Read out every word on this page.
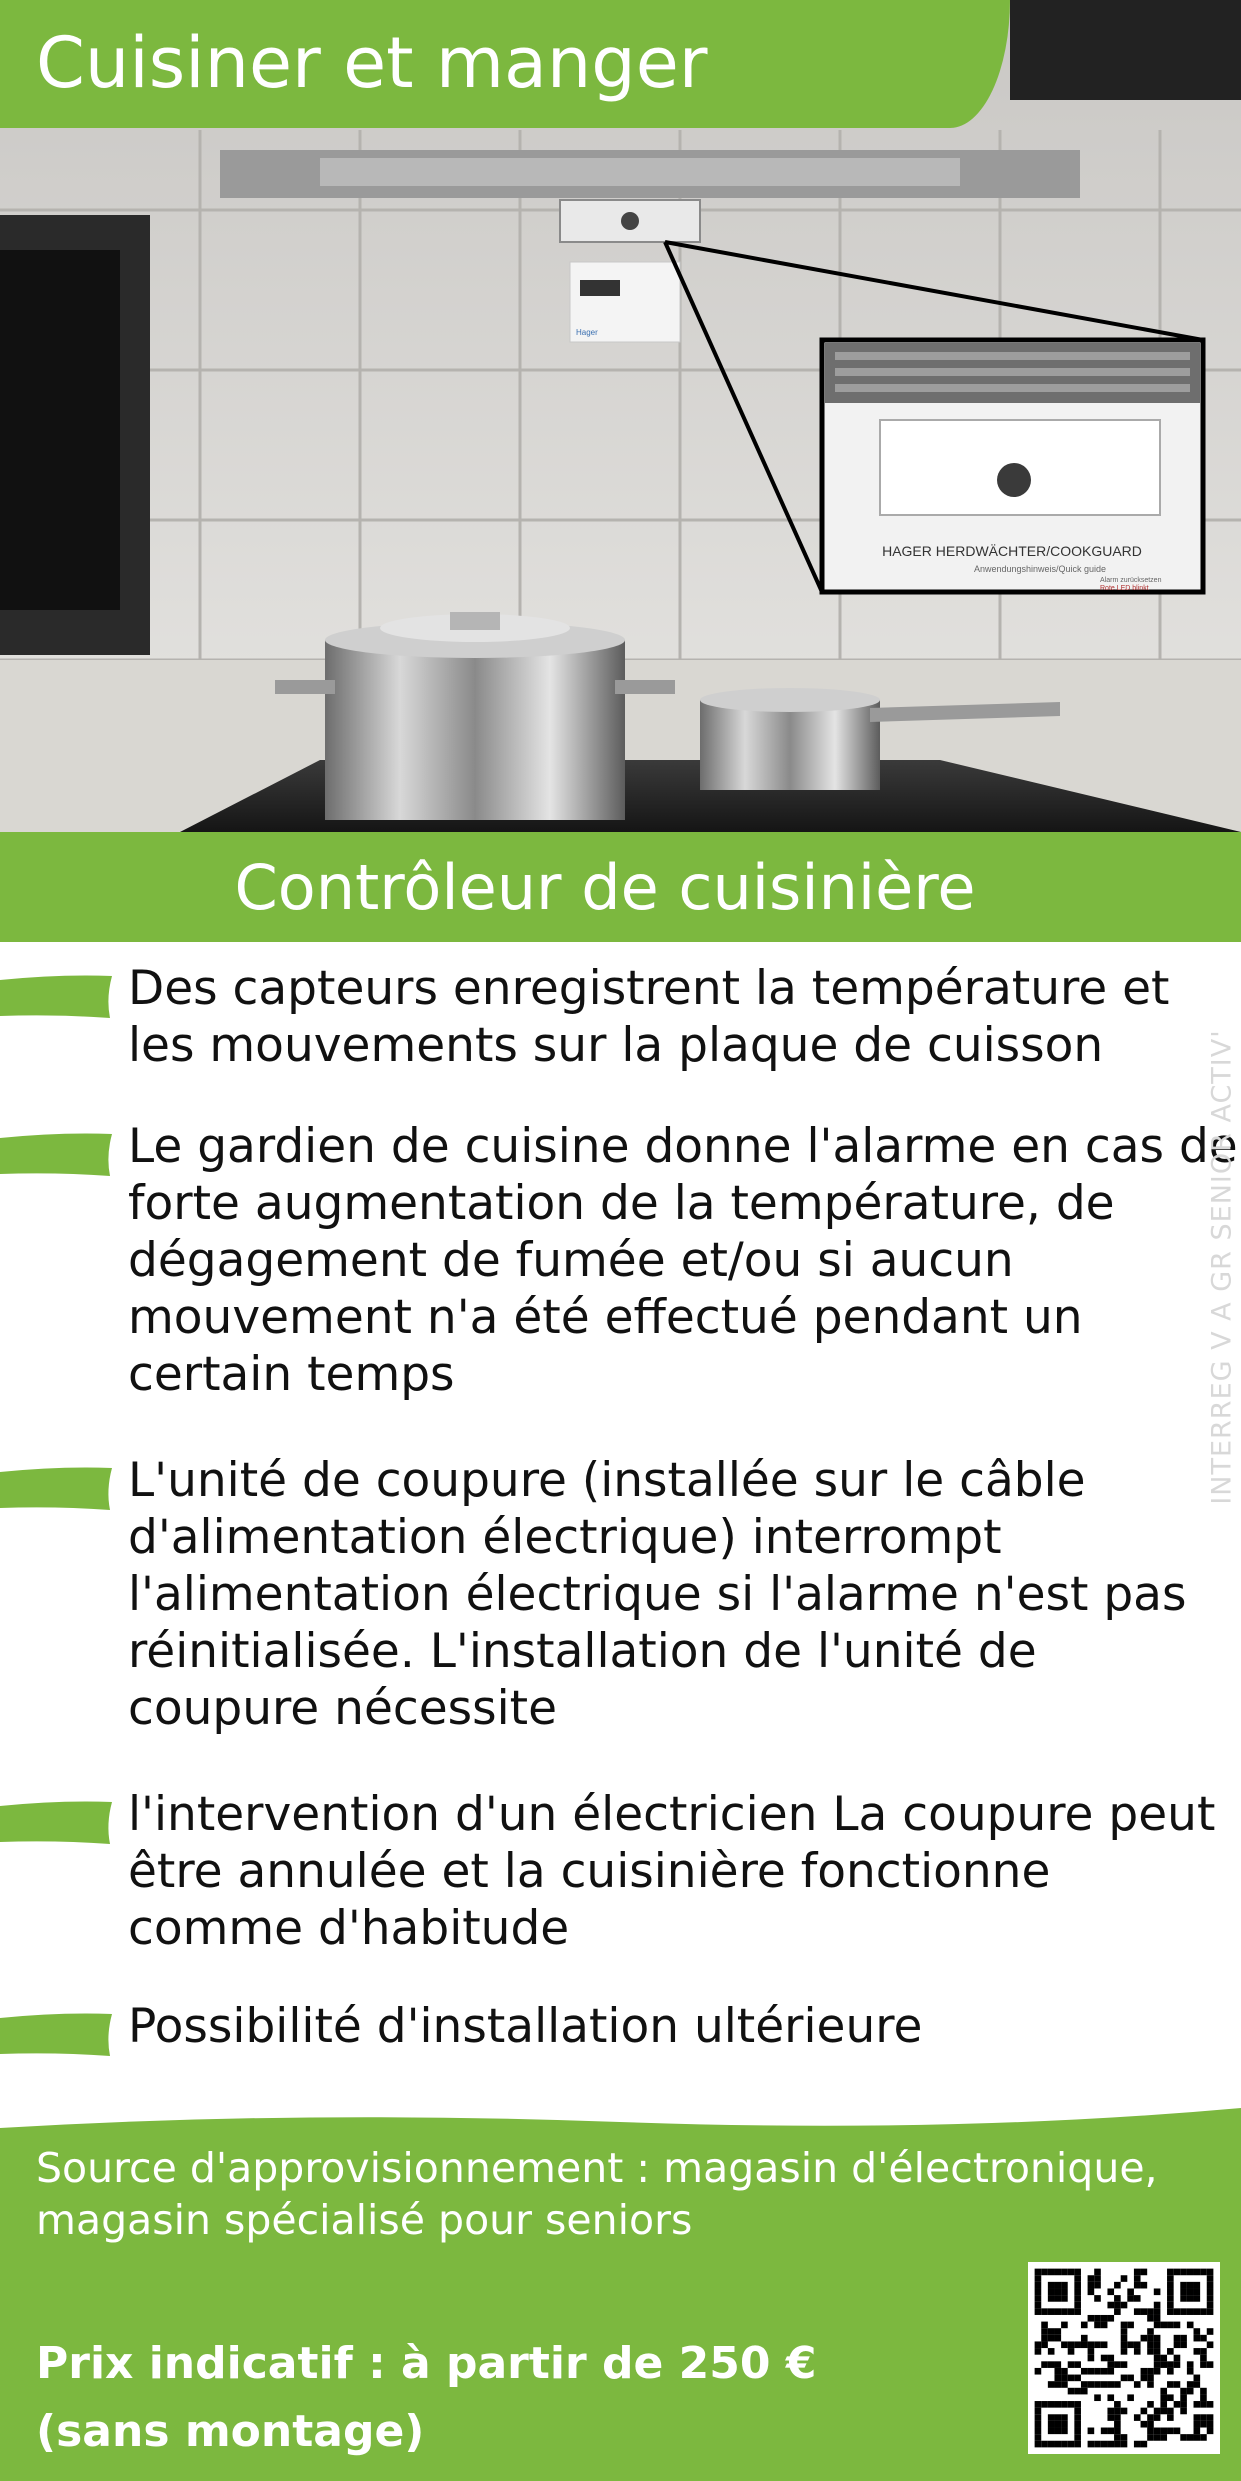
HAGER HERDWÄCHTER/COOKGUARD
Anwendungshinweis/Quick guide
Alarm zurücksetzen
Rote LED blinkt
Hager
Cuisiner et manger
Contrôleur de cuisinière
Des capteurs enregistrent la température et les mouvements sur la plaque de cuisson
Le gardien de cuisine donne l'alarme en cas de forte augmentation de la température, de dégagement de fumée et/ou si aucun mouvement n'a été effectué pendant un certain temps
L'unité de coupure (installée sur le câble d'alimentation électrique) interrompt l'alimentation électrique si l'alarme n'est pas réinitialisée. L'installation de l'unité de coupure nécessite
l'intervention d'un électricien La coupure peut être annulée et la cuisinière fonctionne comme d'habitude
Possibilité d'installation ultérieure
INTERREG V A GR SENIOR ACTIV'
Source d'approvisionnement : magasin d'électronique, magasin spécialisé pour seniors
Prix indicatif : à partir de 250 €
(sans montage)
